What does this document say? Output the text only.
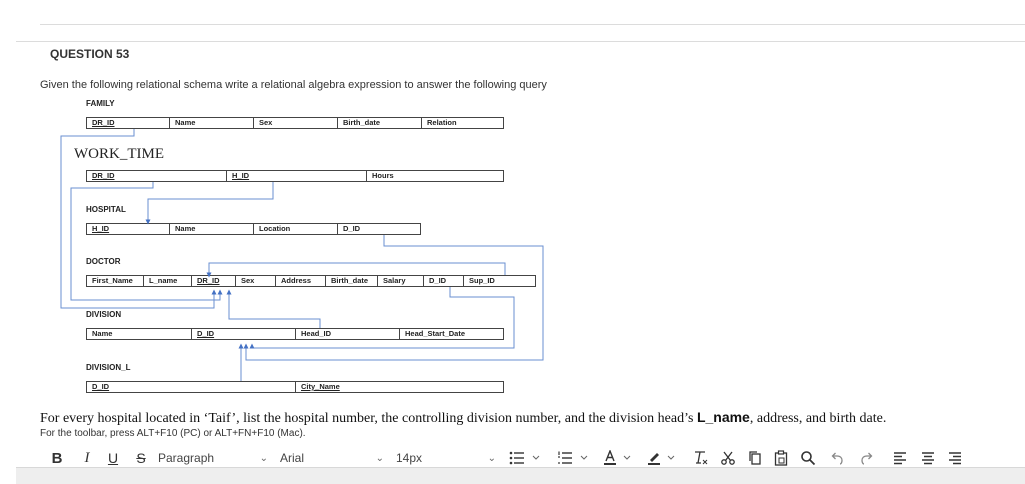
QUESTION 53
Given the following relational schema write a relational algebra expression to answer the following query
FAMILY
DR_ID	Name	Sex	Birth_date	Relation
WORK_TIME
DR_ID	H_ID	Hours
HOSPITAL
H_ID	Name	Location	D_ID
DOCTOR
First_Name	L_name	DR_ID	Sex	Address	Birth_date	Salary	D_ID	Sup_ID
DIVISION
Name	D_ID	Head_ID	Head_Start_Date
DIVISION_L
D_ID	City_Name
For every hospital located in ‘Taif’, list the hospital number, the controlling division number, and the division head’s L_name, address, and birth date.
For the toolbar, press ALT+F10 (PC) or ALT+FN+F10 (Mac).
B	I	U	S	Paragraph	⌄ Arial	⌄ 14px	⌄
